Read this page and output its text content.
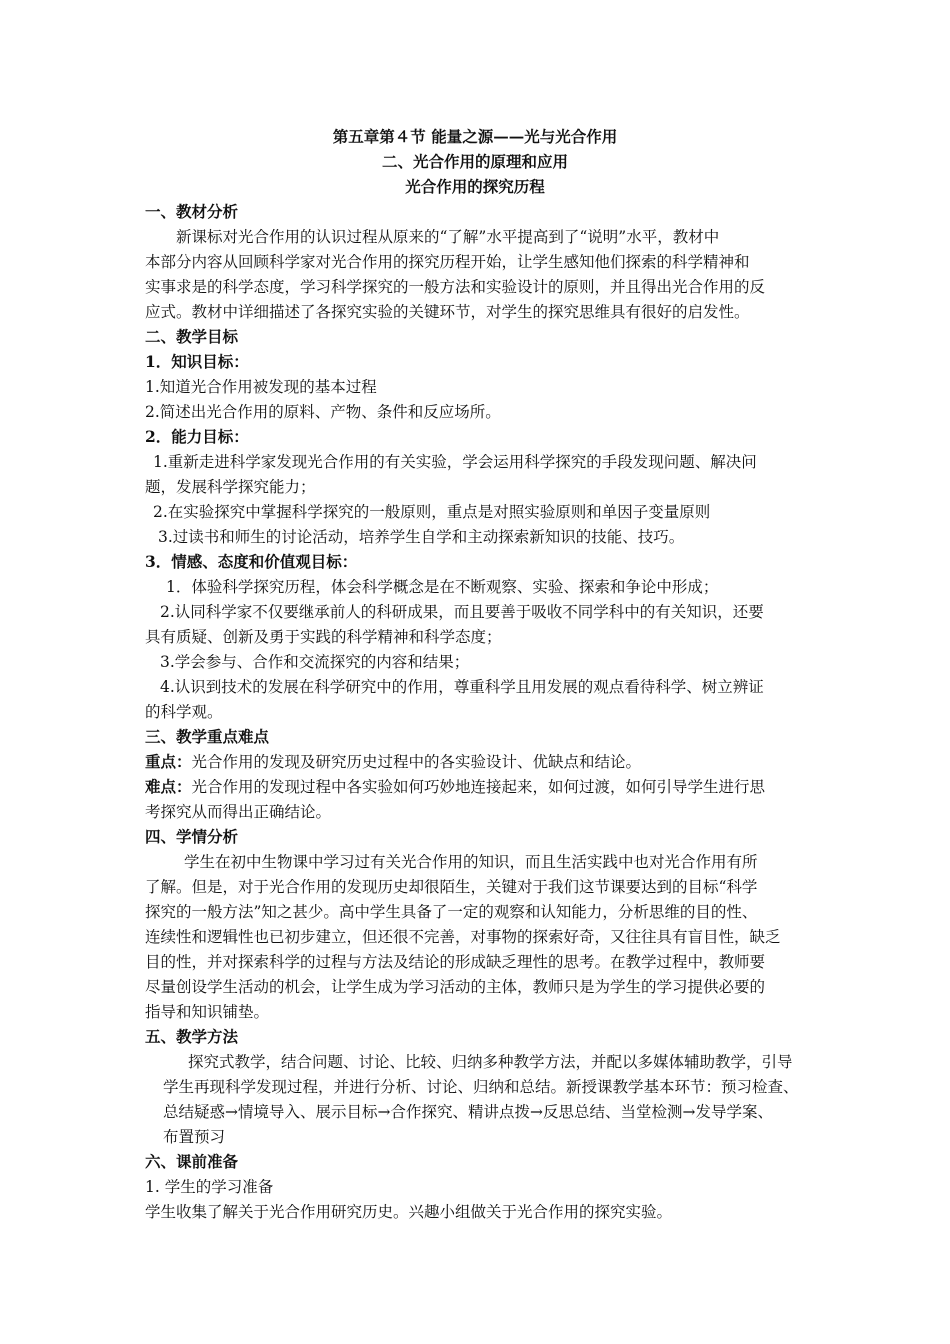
第五章第４节 能量之源——光与光合作用
二、光合作用的原理和应用
光合作用的探究历程
一、教材分析
新课标对光合作用的认识过程从原来的“了解”水平提高到了“说明”水平，教材中
本部分内容从回顾科学家对光合作用的探究历程开始，让学生感知他们探索的科学精神和
实事求是的科学态度，学习科学探究的一般方法和实验设计的原则，并且得出光合作用的反
应式。教材中详细描述了各探究实验的关键环节，对学生的探究思维具有很好的启发性。
二、教学目标
1．知识目标：
1.知道光合作用被发现的基本过程
2.简述出光合作用的原料、产物、条件和反应场所。
2．能力目标：
1.重新走进科学家发现光合作用的有关实验，学会运用科学探究的手段发现问题、解决问
题，发展科学探究能力；
2.在实验探究中掌握科学探究的一般原则，重点是对照实验原则和单因子变量原则
3.过读书和师生的讨论活动，培养学生自学和主动探索新知识的技能、技巧。
3．情感、态度和价值观目标：
1．体验科学探究历程，体会科学概念是在不断观察、实验、探索和争论中形成；
2.认同科学家不仅要继承前人的科研成果，而且要善于吸收不同学科中的有关知识，还要
具有质疑、创新及勇于实践的科学精神和科学态度；
3.学会参与、合作和交流探究的内容和结果；
4.认识到技术的发展在科学研究中的作用，尊重科学且用发展的观点看待科学、树立辨证
的科学观。
三、教学重点难点
重点：光合作用的发现及研究历史过程中的各实验设计、优缺点和结论。
难点：光合作用的发现过程中各实验如何巧妙地连接起来，如何过渡，如何引导学生进行思
考探究从而得出正确结论。
四、学情分析
学生在初中生物课中学习过有关光合作用的知识，而且生活实践中也对光合作用有所
了解。但是，对于光合作用的发现历史却很陌生，关键对于我们这节课要达到的目标“科学
探究的一般方法”知之甚少。高中学生具备了一定的观察和认知能力，分析思维的目的性、
连续性和逻辑性也已初步建立，但还很不完善，对事物的探索好奇，又往往具有盲目性，缺乏
目的性，并对探索科学的过程与方法及结论的形成缺乏理性的思考。在教学过程中，教师要
尽量创设学生活动的机会，让学生成为学习活动的主体，教师只是为学生的学习提供必要的
指导和知识铺垫。
五、教学方法
探究式教学，结合问题、讨论、比较、归纳多种教学方法，并配以多媒体辅助教学，引导
学生再现科学发现过程，并进行分析、讨论、归纳和总结。新授课教学基本环节：预习检查、
总结疑惑→情境导入、展示目标→合作探究、精讲点拨→反思总结、当堂检测→发导学案、
布置预习
六、课前准备
1. 学生的学习准备
学生收集了解关于光合作用研究历史。兴趣小组做关于光合作用的探究实验。
